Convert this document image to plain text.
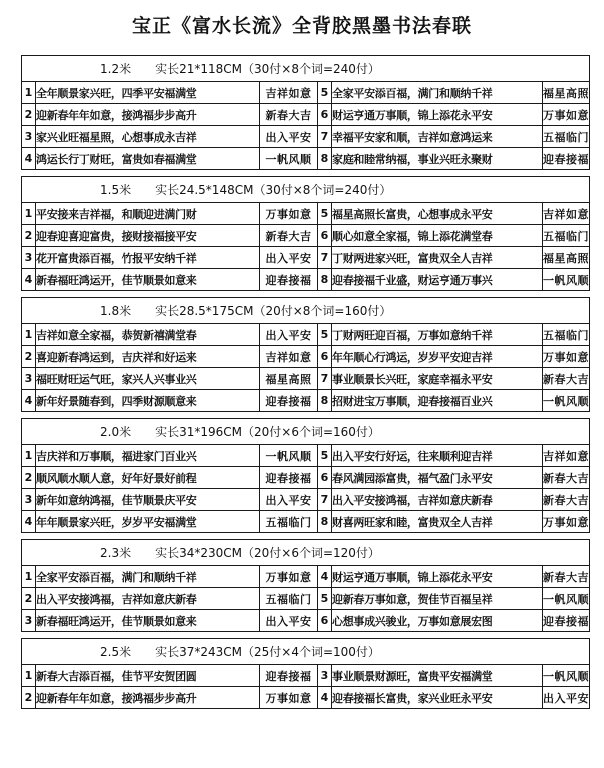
宝正《富水长流》全背胶黑墨书法春联
1.2米　　实长21*118CM（30付×8个词=240付）					
1	全年顺景家兴旺，四季平安福满堂	吉祥如意	5	全家平安添百福，满门和顺纳千祥	福星高照
2	迎新春年年如意，接鸿福步步高升	新春大吉	6	财运亨通万事顺，锦上添花永平安	万事如意
3	家兴业旺福星照，心想事成永吉祥	出入平安	7	幸福平安家和顺，吉祥如意鸿运来	五福临门
4	鸿运长行丁财旺，富贵如春福满堂	一帆风顺	8	家庭和睦常纳福，事业兴旺永聚财	迎春接福

1.5米　　实长24.5*148CM（30付×8个词=240付）					
1	平安接来吉祥福，和顺迎进满门财	万事如意	5	福星高照长富贵，心想事成永平安	吉祥如意
2	迎春迎喜迎富贵，接财接福接平安	新春大吉	6	顺心如意全家福，锦上添花满堂春	五福临门
3	花开富贵添百福，竹报平安纳千祥	出入平安	7	丁财两进家兴旺，富贵双全人吉祥	福星高照
4	新春福旺鸿运开，佳节顺景如意来	迎春接福	8	迎春接福千业盛，财运亨通万事兴	一帆风顺

1.8米　　实长28.5*175CM（20付×8个词=160付）					
1	吉祥如意全家福，恭贺新禧满堂春	出入平安	5	丁财两旺迎百福，万事如意纳千祥	五福临门
2	喜迎新春鸿运到，吉庆祥和好运来	吉祥如意	6	年年顺心行鸿运，岁岁平安迎吉祥	万事如意
3	福旺财旺运气旺，家兴人兴事业兴	福星高照	7	事业顺景长兴旺，家庭幸福永平安	新春大吉
4	新年好景随春到，四季财源顺意来	迎春接福	8	招财进宝万事顺，迎春接福百业兴	一帆风顺

2.0米　　实长31*196CM（20付×6个词=160付）					
1	吉庆祥和万事顺，福进家门百业兴	一帆风顺	5	出入平安行好运，往来顺利迎吉祥	吉祥如意
2	顺风顺水顺人意，好年好景好前程	迎春接福	6	春风满园添富贵，福气盈门永平安	新春大吉
3	新年如意纳鸿福，佳节顺景庆平安	出入平安	7	出入平安接鸿福，吉祥如意庆新春	新春大吉
4	年年顺景家兴旺，岁岁平安福满堂	五福临门	8	财喜两旺家和睦，富贵双全人吉祥	万事如意

2.3米　　实长34*230CM（20付×6个词=120付）					
1	全家平安添百福，满门和顺纳千祥	万事如意	4	财运亨通万事顺，锦上添花永平安	新春大吉
2	出入平安接鸿福，吉祥如意庆新春	五福临门	5	迎新春万事如意，贺佳节百福呈祥	一帆风顺
3	新春福旺鸿运开，佳节顺景如意来	出入平安	6	心想事成兴骏业，万事如意展宏图	迎春接福

2.5米　　实长37*243CM（25付×4个词=100付）					
1	新春大吉添百福，佳节平安贺团圆	迎春接福	3	事业顺景财源旺，富贵平安福满堂	一帆风顺
2	迎新春年年如意，接鸿福步步高升	万事如意	4	迎春接福长富贵，家兴业旺永平安	出入平安
